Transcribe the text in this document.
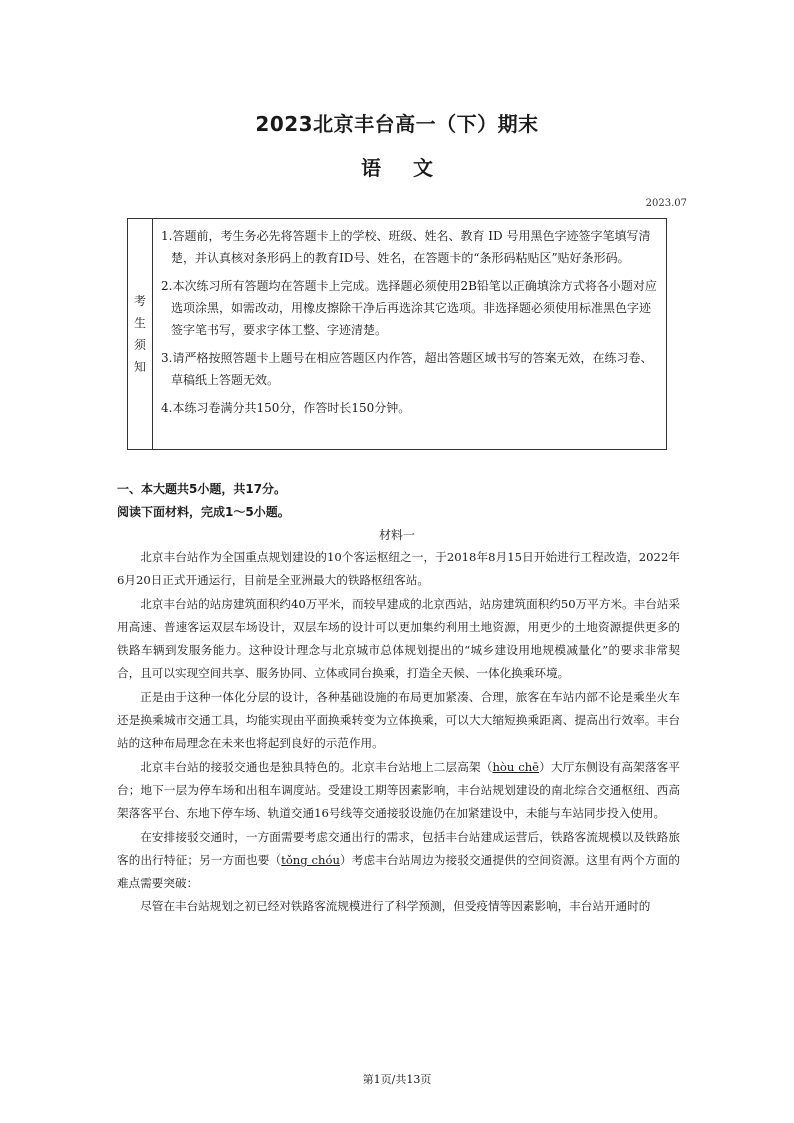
2023北京丰台高一（下）期末
语文
2023.07
考
生
须
知
1.答题前，考生务必先将答题卡上的学校、班级、姓名、教育 ID 号用黑色字迹签字笔填写清楚，并认真核对条形码上的教育ID号、姓名，在答题卡的“条形码粘贴区”贴好条形码。
2.本次练习所有答题均在答题卡上完成。选择题必须使用2B铅笔以正确填涂方式将各小题对应选项涂黑，如需改动，用橡皮擦除干净后再选涂其它选项。非选择题必须使用标准黑色字迹签字笔书写，要求字体工整、字迹清楚。
3.请严格按照答题卡上题号在相应答题区内作答，超出答题区域书写的答案无效，在练习卷、草稿纸上答题无效。
4.本练习卷满分共150分，作答时长150分钟。
一、本大题共5小题，共17分。
阅读下面材料，完成1～5小题。
材料一

北京丰台站作为全国重点规划建设的10个客运枢纽之一，于2018年8月15日开始进行工程改造，2022年6月20日正式开通运行，目前是全亚洲最大的铁路枢纽客站。

北京丰台站的站房建筑面积约40万平米，而较早建成的北京西站，站房建筑面积约50万平方米。丰台站采用高速、普速客运双层车场设计，双层车场的设计可以更加集约利用土地资源，用更少的土地资源提供更多的铁路车辆到发服务能力。这种设计理念与北京城市总体规划提出的“城乡建设用地规模减量化”的要求非常契合，且可以实现空间共享、服务协同、立体或同台换乘，打造全天候、一体化换乘环境。

正是由于这种一体化分层的设计，各种基础设施的布局更加紧凑、合理，旅客在车站内部不论是乘坐火车还是换乘城市交通工具，均能实现由平面换乘转变为立体换乘，可以大大缩短换乘距离、提高出行效率。丰台站的这种布局理念在未来也将起到良好的示范作用。

北京丰台站的接驳交通也是独具特色的。北京丰台站地上二层高架（hòu chē）大厅东侧设有高架落客平台；地下一层为停车场和出租车调度站。受建设工期等因素影响，丰台站规划建设的南北综合交通枢纽、西高架落客平台、东地下停车场、轨道交通16号线等交通接驳设施仍在加紧建设中，未能与车站同步投入使用。

在安排接驳交通时，一方面需要考虑交通出行的需求，包括丰台站建成运营后，铁路客流规模以及铁路旅客的出行特征；另一方面也要（tǒng chóu）考虑丰台站周边为接驳交通提供的空间资源。这里有两个方面的难点需要突破：

尽管在丰台站规划之初已经对铁路客流规模进行了科学预测，但受疫情等因素影响，丰台站开通时的

第1页/共13页
